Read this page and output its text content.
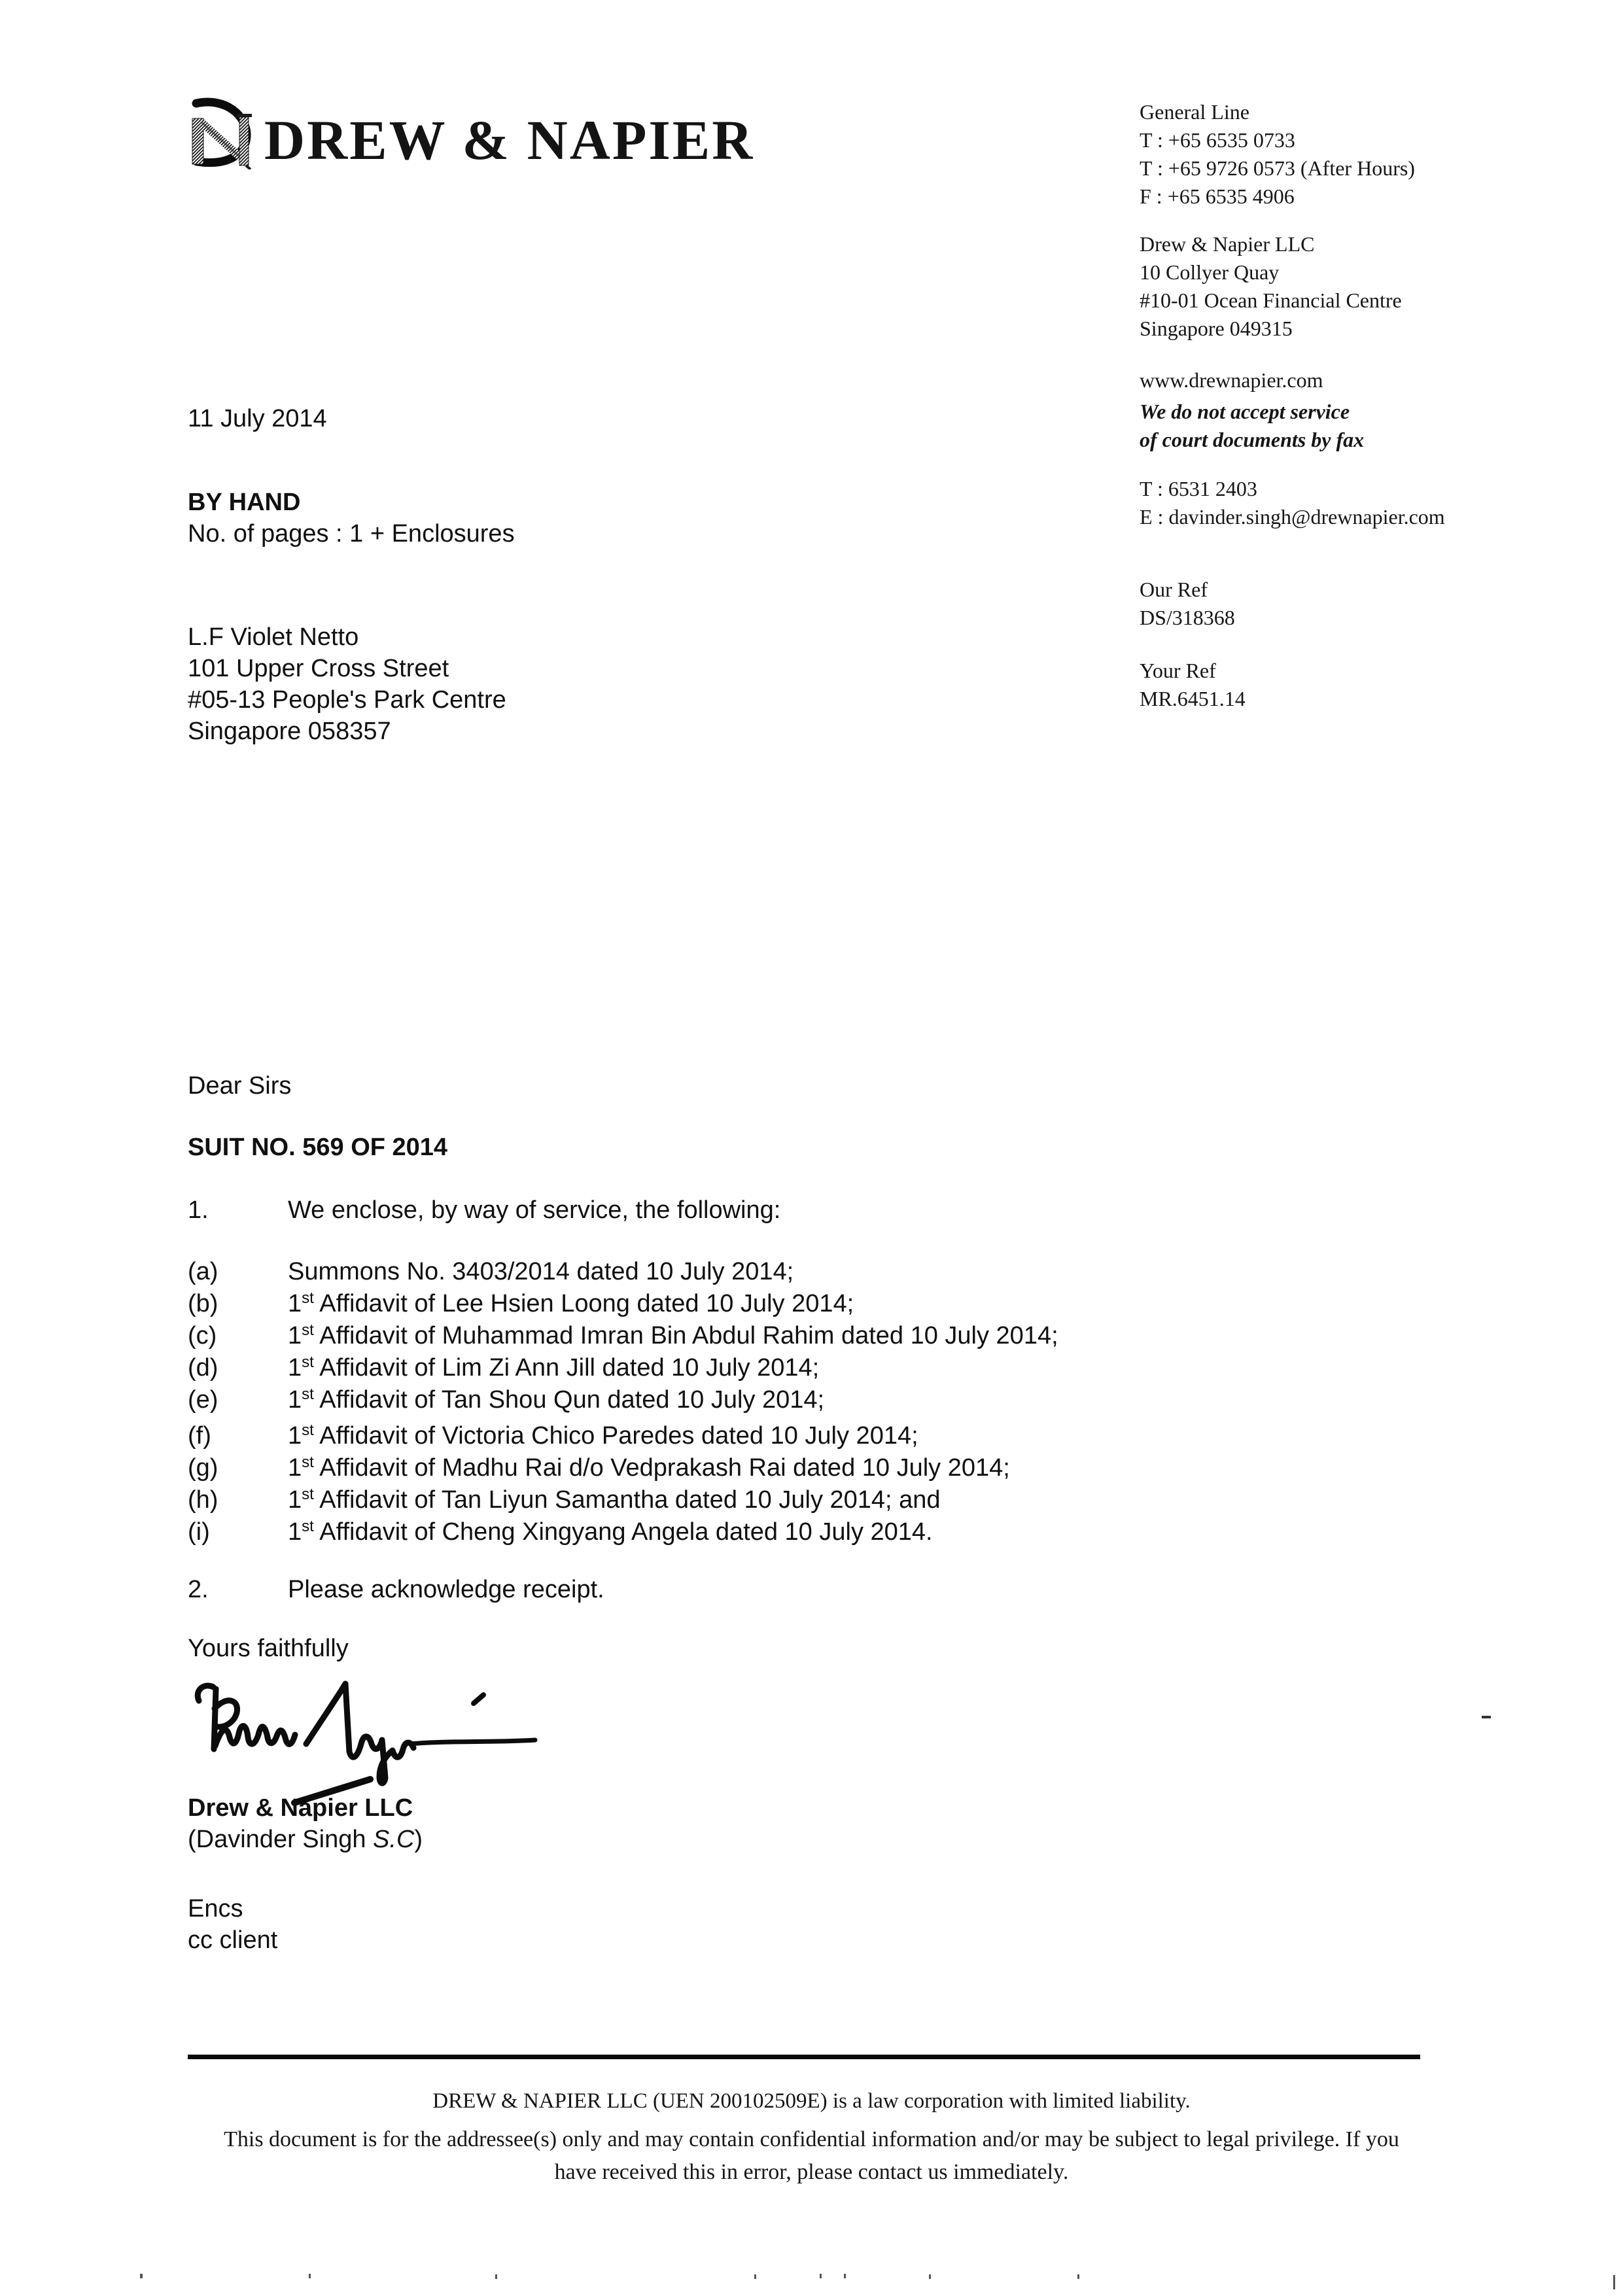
DREW & NAPIER	General Line
T : +65 6535 0733
T : +65 9726 0573 (After Hours)
F : +65 6535 4906
Drew & Napier LLC
10 Collyer Quay
#10-01 Ocean Financial Centre
Singapore 049315
www.drewnapier.com
We do not accept service
of court documents by fax
T : 6531 2403
E : davinder.singh@drewnapier.com
Our Ref
DS/318368
Your Ref
MR.6451.14
11 July 2014
BY HAND
No. of pages : 1 + Enclosures
L.F Violet Netto
101 Upper Cross Street
#05-13 People's Park Centre
Singapore 058357
Dear Sirs
SUIT NO. 569 OF 2014
1.	We enclose, by way of service, the following:
(a)	Summons No. 3403/2014 dated 10 July 2014;
(b)	1st Affidavit of Lee Hsien Loong dated 10 July 2014;
(c)	1st Affidavit of Muhammad Imran Bin Abdul Rahim dated 10 July 2014;
(d)	1st Affidavit of Lim Zi Ann Jill dated 10 July 2014;
(e)	1st Affidavit of Tan Shou Qun dated 10 July 2014;
(f)	1st Affidavit of Victoria Chico Paredes dated 10 July 2014;
(g)	1st Affidavit of Madhu Rai d/o Vedprakash Rai dated 10 July 2014;
(h)	1st Affidavit of Tan Liyun Samantha dated 10 July 2014; and
(i)	1st Affidavit of Cheng Xingyang Angela dated 10 July 2014.
2.	Please acknowledge receipt.
Yours faithfully
Drew & Napier LLC
(Davinder Singh S.C)
Encs
cc client
DREW & NAPIER LLC (UEN 200102509E) is a law corporation with limited liability.
This document is for the addressee(s) only and may contain confidential information and/or may be subject to legal privilege. If you
have received this in error, please contact us immediately.
